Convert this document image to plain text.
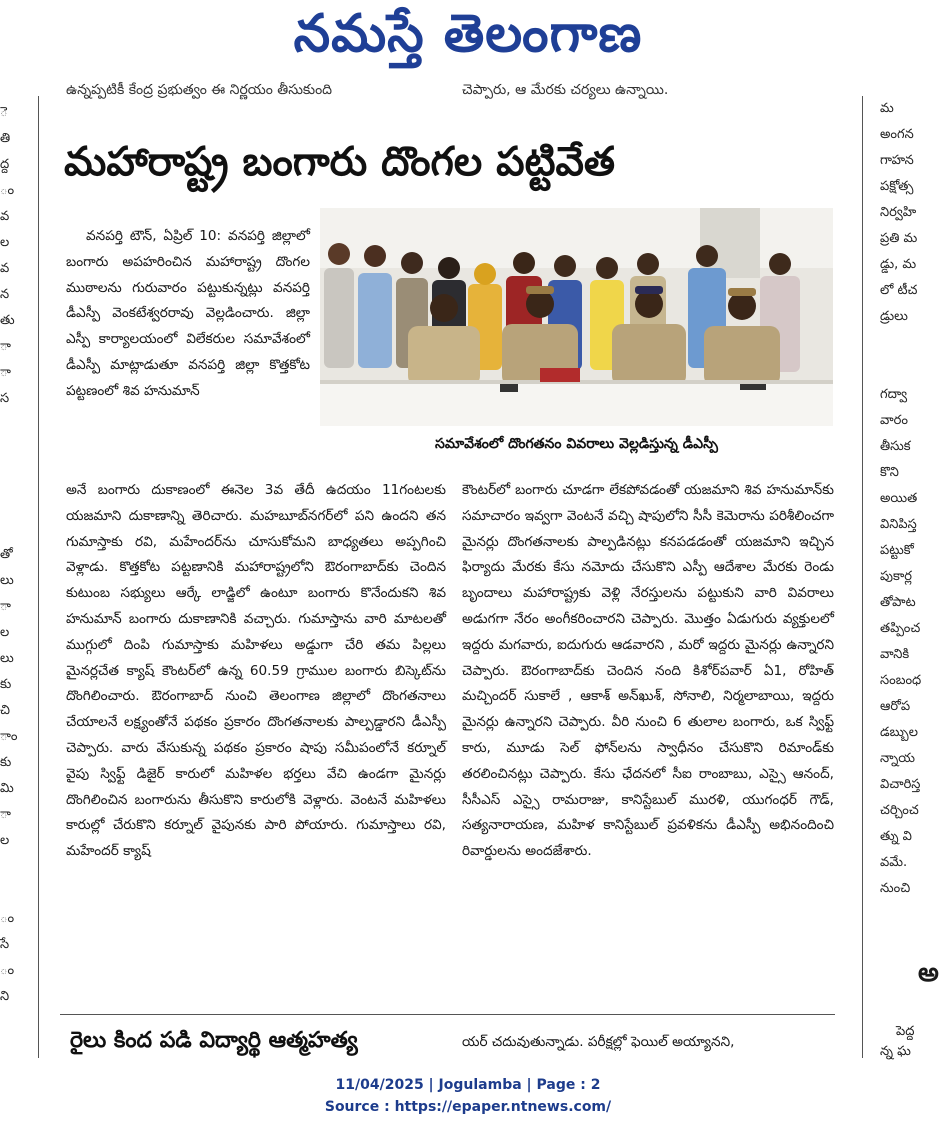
నమస్తే తెలంగాణ
ఉన్నప్పటికీ కేంద్ర ప్రభుత్వం ఈ నిర్ణయం తీసుకుంది	చెప్పారు, ఆ మేరకు చర్యలు ఉన్నాయి.
ె
తి
ద్ద
ం
వ
ల
వ
న
తు
ా
ా
స
తో
లు
ా
ల
లు
కు
చి
ాం
కు
మి
ా
ల
ం
సే
ం
ని
మ
అంగన
గాహన
పక్షోత్స
నిర్వహి
ప్రతి మ
డ్డు, మ
లో టీచ
డ్రులు
గద్వా
వారం
తీసుక
కొని
అయిత
వినిపిస్త
పట్టుకో
పుకార్ల
తోపాట
తప్పించ
వానికి
సంబంధ
ఆరోప
డబ్బుల
న్నాయ
విచారిస్త
చర్చించ
త్ను వి
వమే.
నుంచి
అ
పెద్ద
న్న ఘ
మహారాష్ట్ర బంగారు దొంగల పట్టివేత
సమావేశంలో దొంగతనం వివరాలు వెల్లడిస్తున్న డీఎస్పీ

వనపర్తి టౌన్, ఏప్రిల్ 10: వనపర్తి జిల్లాలో బంగారు అపహరించిన మహారాష్ట్ర దొంగల ముఠాలను గురువారం పట్టుకున్నట్లు వనపర్తి డీఎస్పీ వెంకటేశ్వరరావు వెల్లడించారు. జిల్లా ఎస్పీ కార్యాలయంలో విలేకరుల సమావేశంలో డీఎస్పీ మాట్లాడుతూ వనపర్తి జిల్లా కొత్తకోట పట్టణంలో శివ హనుమాన్

అనే బంగారు దుకాణంలో ఈనెల 3వ తేదీ ఉదయం 11గంటలకు యజమాని దుకాణాన్ని తెరిచారు. మహబూబ్‌నగర్‌లో పని ఉందని తన గుమాస్తాకు రవి, మహేందర్‌ను చూసుకోమని బాధ్యతలు అప్పగించి వెళ్లాడు. కొత్తకోట పట్టణానికి మహారాష్ట్రలోని ఔరంగాబాద్‌కు చెందిన కుటుంబ సభ్యులు ఆర్కే లాడ్జిలో ఉంటూ బంగారు కొనేందుకని శివ హనుమాన్ బంగారు దుకాణానికి వచ్చారు. గుమాస్తాను వారి మాటలతో ముగ్గులో దింపి గుమాస్తాకు మహిళలు అడ్డుగా చేరి తమ పిల్లలు మైనర్లచేత క్యాష్ కౌంటర్‌లో ఉన్న 60.59 గ్రాముల బంగారు బిస్కెట్‌ను దొంగిలించారు. ఔరంగాబాద్ నుంచి తెలంగాణ జిల్లాలో దొంగతనాలు చేయాలనే లక్ష్యంతోనే పథకం ప్రకారం దొంగతనాలకు పాల్పడ్డారని డీఎస్పీ చెప్పారు. వారు వేసుకున్న పథకం ప్రకారం షాపు సమీపంలోనే కర్నూల్ వైపు స్విఫ్ట్ డిజైర్ కారులో మహిళల భర్తలు వేచి ఉండగా మైనర్లు దొంగిలించిన బంగారును తీసుకొని కారులోకి వెళ్లారు. వెంటనే మహిళలు కారుల్లో చేరుకొని కర్నూల్ వైపునకు పారి పోయారు. గుమాస్తాలు రవి, మహేందర్ క్యాష్

కౌంటర్‌లో బంగారు చూడగా లేకపోవడంతో యజమాని శివ హనుమాన్‌కు సమాచారం ఇవ్వగా వెంటనే వచ్చి షాపులోని సీసీ కెమెరాను పరిశీలించగా మైనర్లు దొంగతనాలకు పాల్పడినట్లు కనపడడంతో యజమాని ఇచ్చిన ఫిర్యాదు మేరకు కేసు నమోదు చేసుకొని ఎస్పీ ఆదేశాల మేరకు రెండు బృందాలు మహారాష్ట్రకు వెళ్లి నేరస్తులను పట్టుకుని వారి వివరాలు అడుగగా నేరం అంగీకరించారని చెప్పారు. మొత్తం ఏడుగురు వ్యక్తులలో ఇద్దరు మగవారు, ఐదుగురు ఆడవారని , మరో ఇద్దరు మైనర్లు ఉన్నారని చెప్పారు. ఔరంగాబాద్‌కు చెందిన నంది కిశోర్‌పవార్ ఏ1, రోహిత్ మచ్చిందర్ సుకాలే , ఆకాశ్ అన్‌ఖుశ్, సోనాలి, నిర్మలాబాయి, ఇద్దరు మైనర్లు ఉన్నారని చెప్పారు. వీరి నుంచి 6 తులాల బంగారు, ఒక స్విఫ్ట్ కారు, మూడు సెల్ ఫోన్‌లను స్వాధీనం చేసుకొని రిమాండ్‌కు తరలించినట్లు చెప్పారు. కేసు ఛేదనలో సీఐ రాంబాబు, ఎస్సై ఆనంద్, సీసీఎస్ ఎస్సై రామరాజు, కానిస్టేబుల్ మురళి, యుగంధర్ గౌడ్, సత్యనారాయణ, మహిళ కానిస్టేబుల్ ప్రవళిక‌ను డీఎస్పీ అభినందించి రివార్డులను అందజేశారు.

రైలు కింద పడి విద్యార్థి ఆత్మహత్య	యర్ చదువుతున్నాడు. పరీక్షల్లో ఫెయిల్ అయ్యానని,
11/04/2025 | Jogulamba | Page : 2
Source : https://epaper.ntnews.com/
